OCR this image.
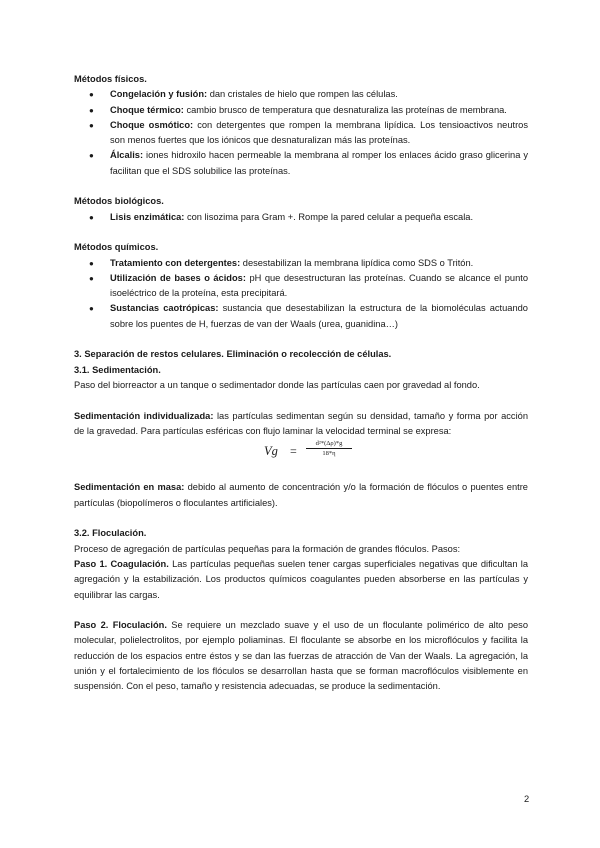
Métodos físicos.

● Congelación y fusión: dan cristales de hielo que rompen las células.
● Choque térmico: cambio brusco de temperatura que desnaturaliza las proteínas de membrana.
● Choque osmótico: con detergentes que rompen la membrana lipídica. Los tensioactivos neutros son menos fuertes que los iónicos que desnaturalizan más las proteínas.
● Álcalis: iones hidroxilo hacen permeable la membrana al romper los enlaces ácido graso glicerina y facilitan que el SDS solubilice las proteínas.

Métodos biológicos.

● Lisis enzimática: con lisozima para Gram +. Rompe la pared celular a pequeña escala.

Métodos químicos.

● Tratamiento con detergentes: desestabilizan la membrana lipídica como SDS o Tritón.
● Utilización de bases o ácidos: pH que desestructuran las proteínas. Cuando se alcance el punto isoeléctrico de la proteína, esta precipitará.
● Sustancias caotrópicas: sustancia que desestabilizan la estructura de la biomoléculas actuando sobre los puentes de H, fuerzas de van der Waals (urea, guanidina…)

3. Separación de restos celulares. Eliminación o recolección de células.

3.1. Sedimentación.

Paso del biorreactor a un tanque o sedimentador donde las partículas caen por gravedad al fondo.

Sedimentación individualizada: las partículas sedimentan según su densidad, tamaño y forma por acción de la gravedad. Para partículas esféricas con flujo laminar la velocidad terminal se expresa:

$Vg = \frac{\text{d²*(Δρ)*g}}{18*\eta}$

Sedimentación en masa: debido al aumento de concentración y/o la formación de flóculos o puentes entre partículas (biopolímeros o floculantes artificiales).

3.2. Floculación.

Proceso de agregación de partículas pequeñas para la formación de grandes flóculos. Pasos:

Paso 1. Coagulación. Las partículas pequeñas suelen tener cargas superficiales negativas que dificultan la agregación y la estabilización. Los productos químicos coagulantes pueden absorberse en las partículas y equilibrar las cargas.

Paso 2. Floculación. Se requiere un mezclado suave y el uso de un floculante polimérico de alto peso molecular, polielectrolitos, por ejemplo poliaminas. El floculante se absorbe en los microflóculos y facilita la reducción de los espacios entre éstos y se dan las fuerzas de atracción de Van der Waals. La agregación, la unión y el fortalecimiento de los flóculos se desarrollan hasta que se forman macroflóculos visiblemente en suspensión. Con el peso, tamaño y resistencia adecuadas, se produce la sedimentación.

2
